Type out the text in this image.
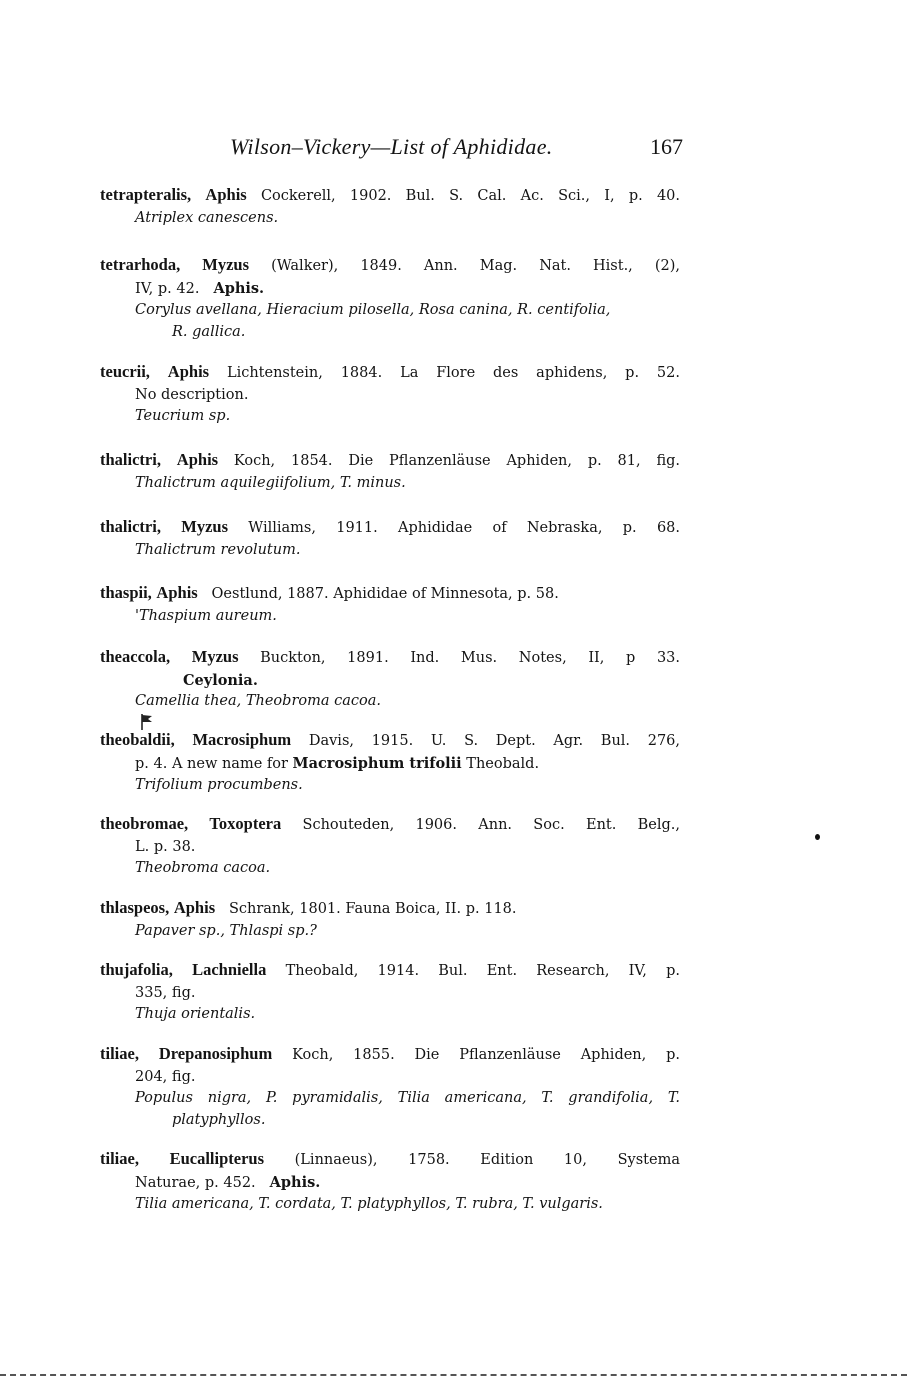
Wilson–Vickery—List of Aphididae.	167
tetrapteralis, Aphis Cockerell, 1902. Bul. S. Cal. Ac. Sci., I, p. 40.
Atriplex canescens.
tetrarhoda, Myzus (Walker), 1849. Ann. Mag. Nat. Hist., (2),
IV, p. 42. Aphis.
Corylus avellana, Hieracium pilosella, Rosa canina, R. centifolia,
R. gallica.
teucrii, Aphis Lichtenstein, 1884. La Flore des aphidens, p. 52.
No description.
Teucrium sp.
thalictri, Aphis Koch, 1854. Die Pflanzenläuse Aphiden, p. 81, fig.
Thalictrum aquilegiifolium, T. minus.
thalictri, Myzus Williams, 1911. Aphididae of Nebraska, p. 68.
Thalictrum revolutum.
thaspii, Aphis Oestlund, 1887. Aphididae of Minnesota, p. 58.
'Thaspium aureum.
theaccola, Myzus Buckton, 1891. Ind. Mus. Notes, II, p 33.
Ceylonia.
Camellia thea, Theobroma cacoa.
theobaldii, Macrosiphum Davis, 1915. U. S. Dept. Agr. Bul. 276,
p. 4. A new name for Macrosiphum trifolii Theobald.
Trifolium procumbens.
theobromae, Toxoptera Schouteden, 1906. Ann. Soc. Ent. Belg.,
L. p. 38.
Theobroma cacoa.
thlaspeos, Aphis Schrank, 1801. Fauna Boica, II. p. 118.
Papaver sp., Thlaspi sp.?
thujafolia, Lachniella Theobald, 1914. Bul. Ent. Research, IV, p.
335, fig.
Thuja orientalis.
tiliae, Drepanosiphum Koch, 1855. Die Pflanzenläuse Aphiden, p.
204, fig.
Populus nigra, P. pyramidalis, Tilia americana, T. grandifolia, T.
platyphyllos.
tiliae, Eucallipterus (Linnaeus), 1758. Edition 10, Systema
Naturae, p. 452. Aphis.
Tilia americana, T. cordata, T. platyphyllos, T. rubra, T. vulgaris.
